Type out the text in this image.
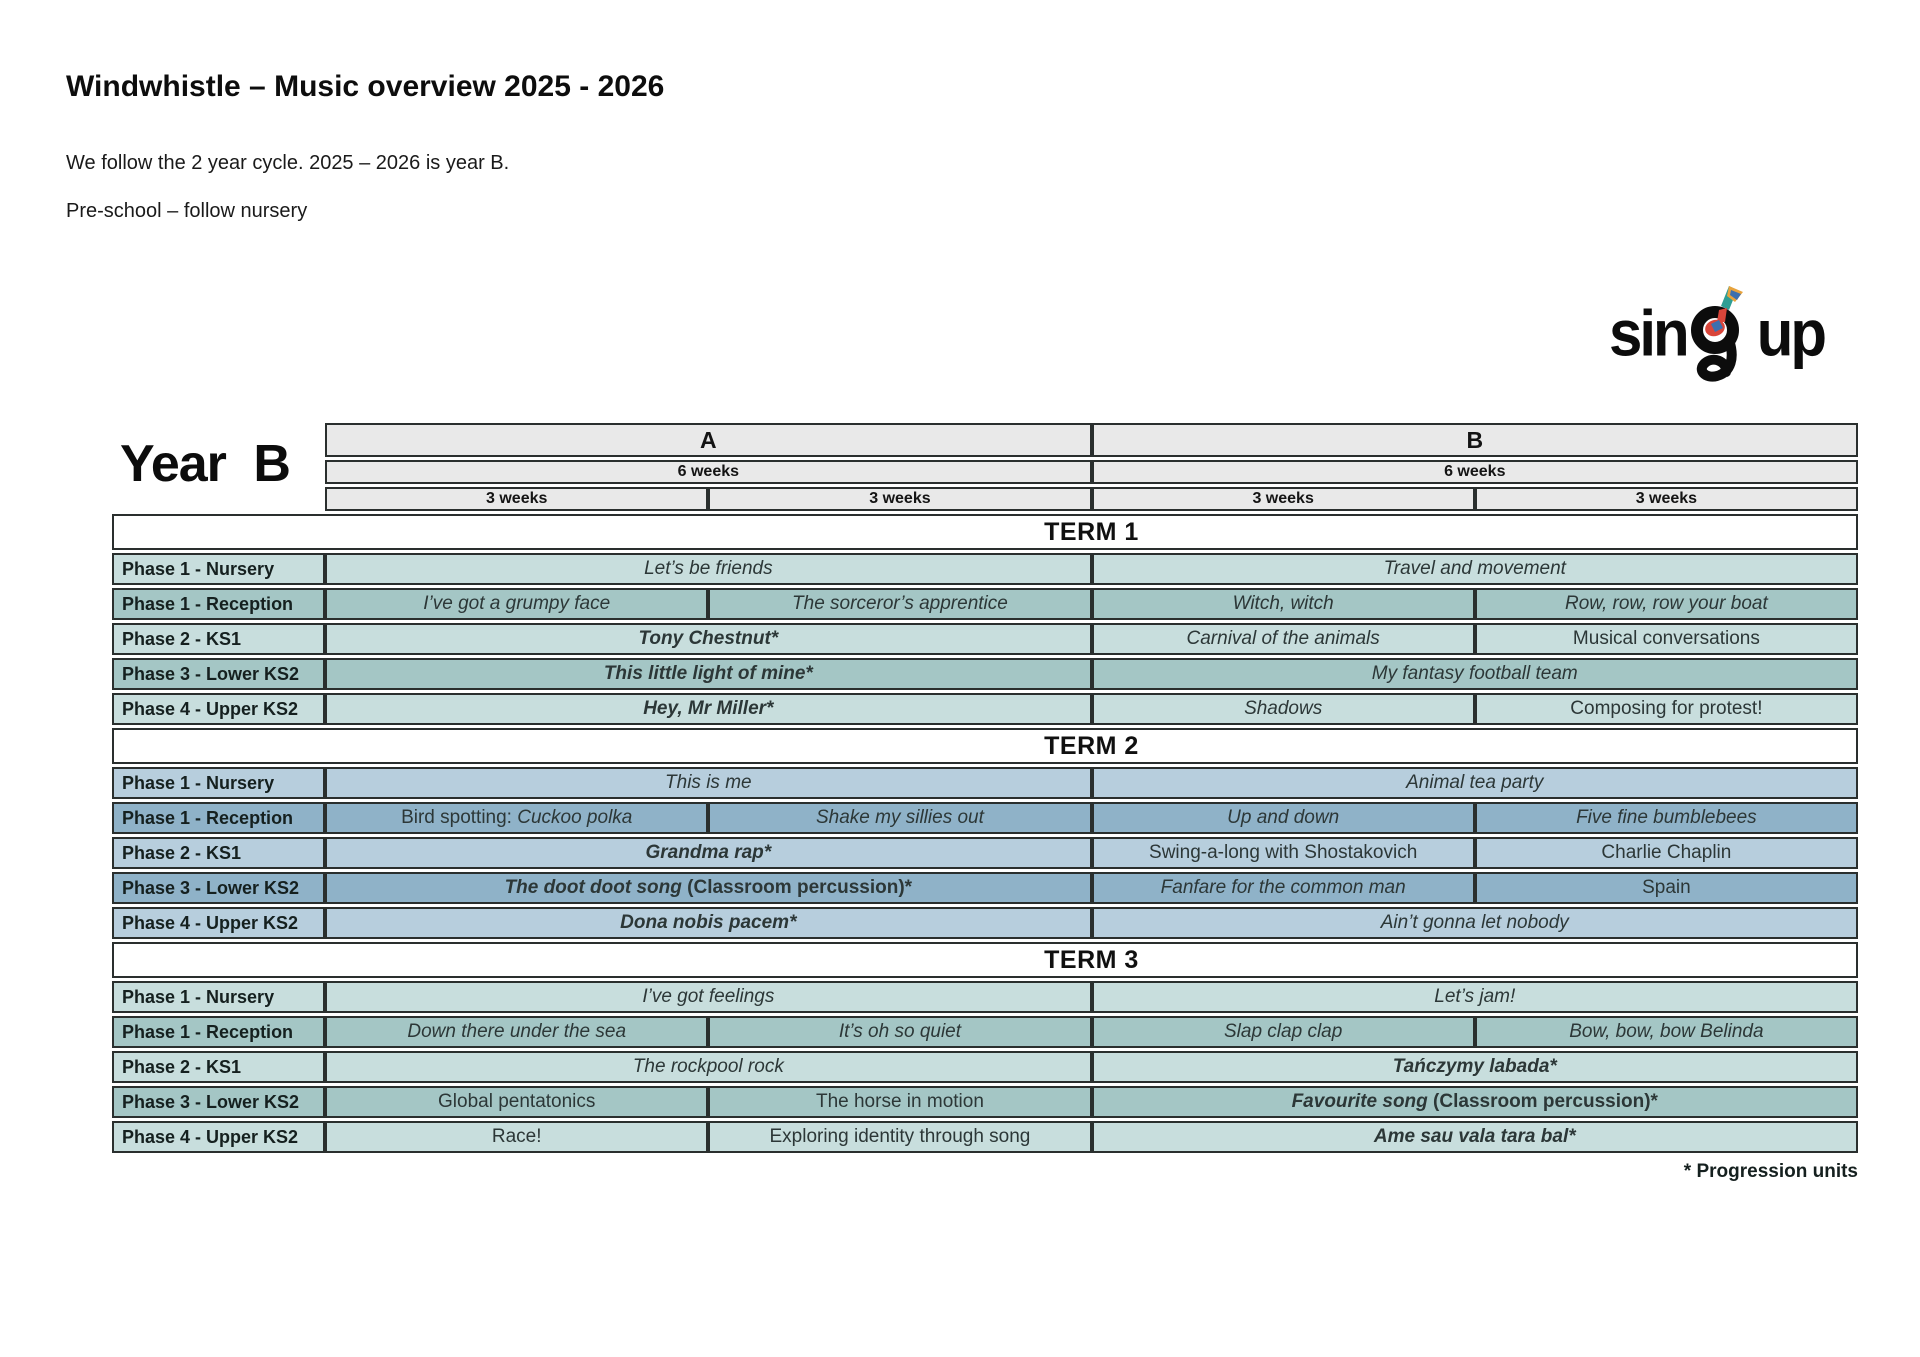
Windwhistle – Music overview 2025 - 2026

We follow the 2 year cycle. 2025 – 2026 is year B.

Pre-school – follow nursery

sin up
Year B	A		B	
	6 weeks		6 weeks	
	3 weeks	3 weeks	3 weeks	3 weeks

TERM 1				

Phase 1 - Nursery	Let’s be friends		Travel and movement	
Phase 1 - Reception	I’ve got a grumpy face	The sorceror’s apprentice	Witch, witch	Row, row, row your boat
Phase 2 - KS1	Tony Chestnut*		Carnival of the animals	Musical conversations
Phase 3 - Lower KS2	This little light of mine*		My fantasy football team	
Phase 4 - Upper KS2	Hey, Mr Miller*		Shadows	Composing for protest!

TERM 2				

Phase 1 - Nursery	This is me		Animal tea party	
Phase 1 - Reception	Bird spotting: Cuckoo polka	Shake my sillies out	Up and down	Five fine bumblebees
Phase 2 - KS1	Grandma rap*		Swing-a-long with Shostakovich	Charlie Chaplin
Phase 3 - Lower KS2	The doot doot song (Classroom percussion)*		Fanfare for the common man	Spain
Phase 4 - Upper KS2	Dona nobis pacem*		Ain’t gonna let nobody	

TERM 3				

Phase 1 - Nursery	I’ve got feelings		Let’s jam!	
Phase 1 - Reception	Down there under the sea	It’s oh so quiet	Slap clap clap	Bow, bow, bow Belinda
Phase 2 - KS1	The rockpool rock		Tańczymy labada*	
Phase 3 - Lower KS2	Global pentatonics	The horse in motion	Favourite song (Classroom percussion)*	
Phase 4 - Upper KS2	Race!	Exploring identity through song	Ame sau vala tara bal*	
* Progression units
